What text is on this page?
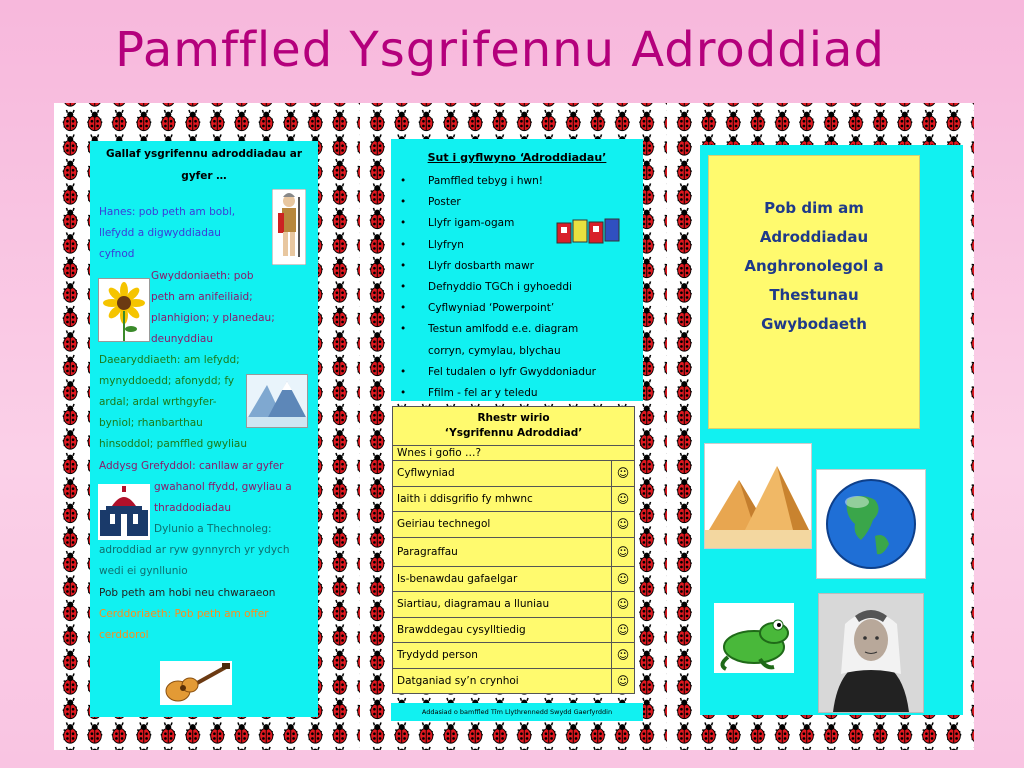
Pamffled Ysgrifennu Adroddiad
Gallaf ysgrifennu adroddiadau ar
gyfer …
Hanes: pob peth am bobl,
llefydd a digwyddiadau
cyfnod
Gwyddoniaeth: pob
peth am anifeiliaid;
planhigion; y planedau;
deunyddiau
Daearyddiaeth: am lefydd;
mynyddoedd; afonydd; fy
ardal; ardal wrthgyfer-
byniol; rhanbarthau
hinsoddol; pamffled gwyliau
Addysg Grefyddol: canllaw ar gyfer
gwahanol ffydd, gwyliau a
thraddodiadau
Dylunio a Thechnoleg:
adroddiad ar ryw gynnyrch yr ydych
wedi ei gynllunio
Pob peth am hobi neu chwaraeon
Cerddoriaeth: Pob peth am offer
cerddorol
Sut i gyflwyno ‘Adroddiadau’
• Pamffled tebyg i hwn!
• Poster
• Llyfr igam-ogam
• Llyfryn
• Llyfr dosbarth mawr
• Defnyddio TGCh i gyhoeddi
• Cyflwyniad ‘Powerpoint’
• Testun amlfodd e.e. diagram
corryn, cymylau, blychau
• Fel tudalen o lyfr Gwyddoniadur
• Ffilm - fel ar y teledu
Rhestr wirio
‘Ysgrifennu Adroddiad’	

Wnes i gofio …?	
Cyflwyniad	☺
Iaith i ddisgrifio fy mhwnc	☺
Geiriau technegol	☺
Paragraffau	☺
Is-benawdau gafaelgar	☺
Siartiau, diagramau a lluniau	☺
Brawddegau cysylltiedig	☺
Trydydd person	☺
Datganiad sy’n crynhoi	☺
Addasiad o bamffled Tîm Llythrennedd Swydd Gaerfyrddin
Pob dim am
Adroddiadau
Anghronolegol a
Thestunau
Gwybodaeth
